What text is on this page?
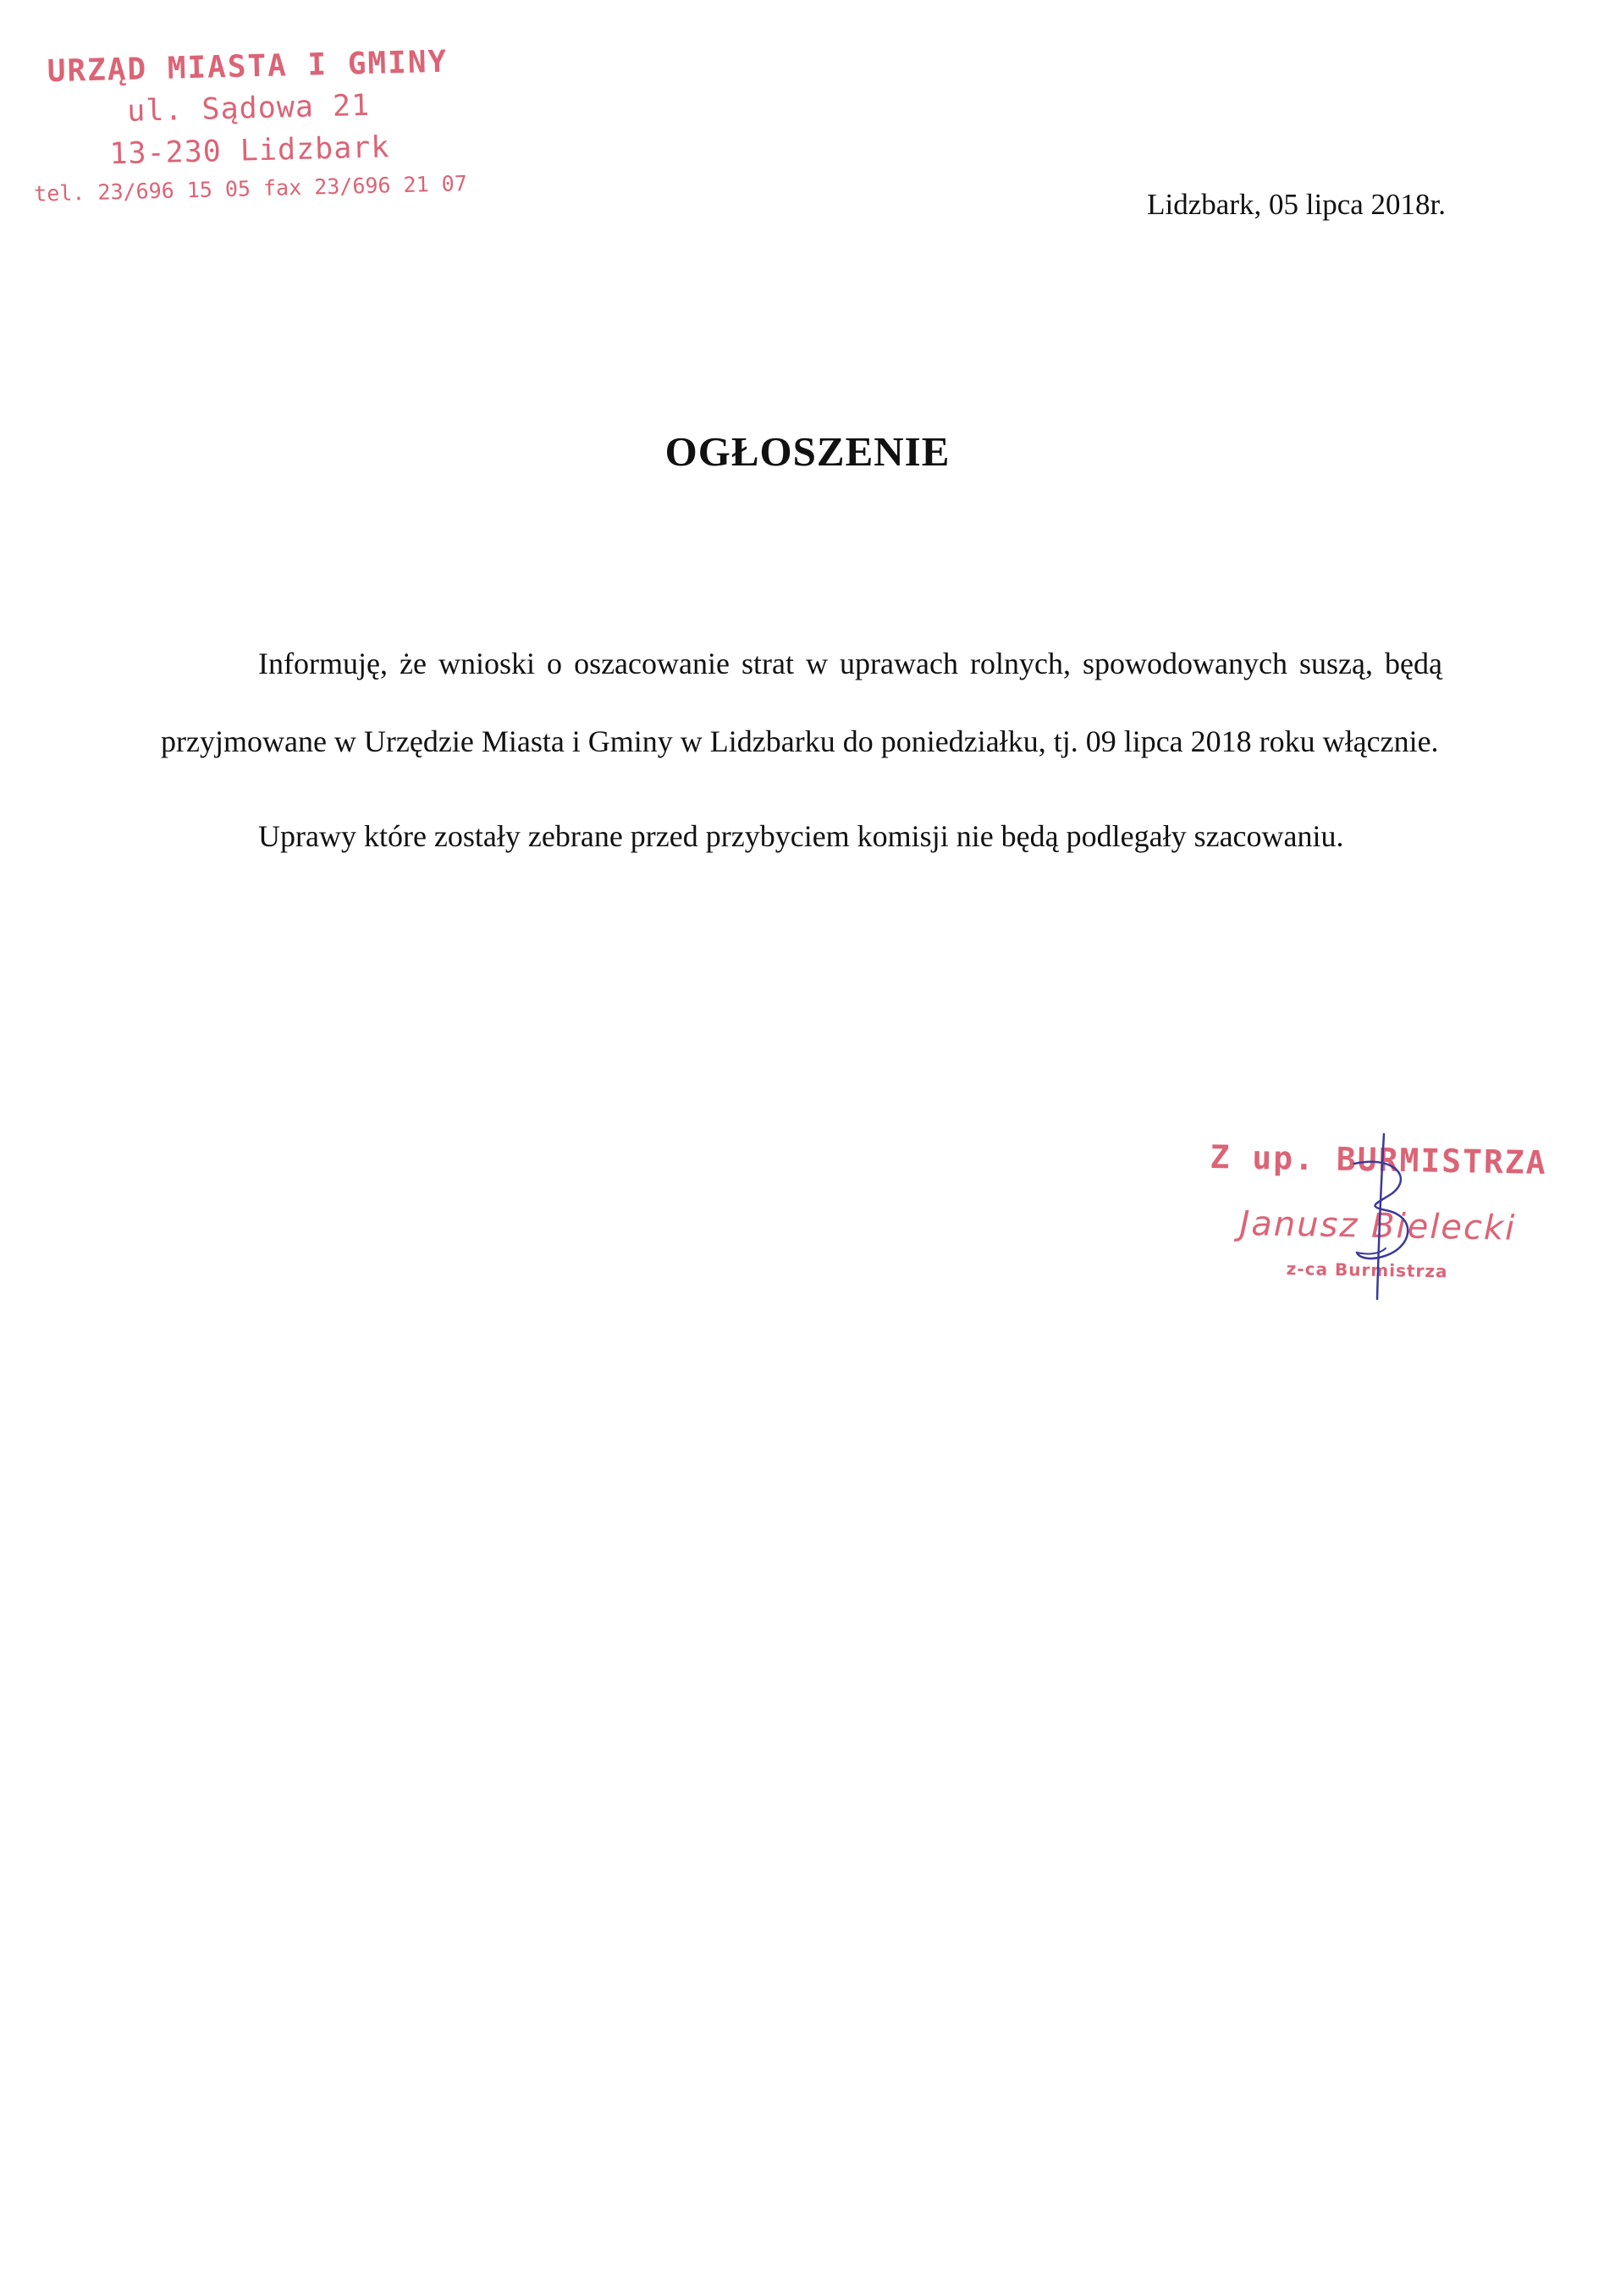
URZĄD MIASTA I GMINY
ul. Sądowa 21
13-230 Lidzbark
tel. 23/696 15 05 fax 23/696 21 07	Lidzbark, 05 lipca 2018r.
OGŁOSZENIE

Informuję, że wnioski o oszacowanie strat w uprawach rolnych, spowodowanych suszą, będą przyjmowane w Urzędzie Miasta i Gminy w Lidzbarku do poniedziałku, tj. 09 lipca 2018 roku włącznie.

Uprawy które zostały zebrane przed przybyciem komisji nie będą podlegały szacowaniu.

Z up. BURMISTRZA
Janusz Bielecki
z-ca Burmistrza
